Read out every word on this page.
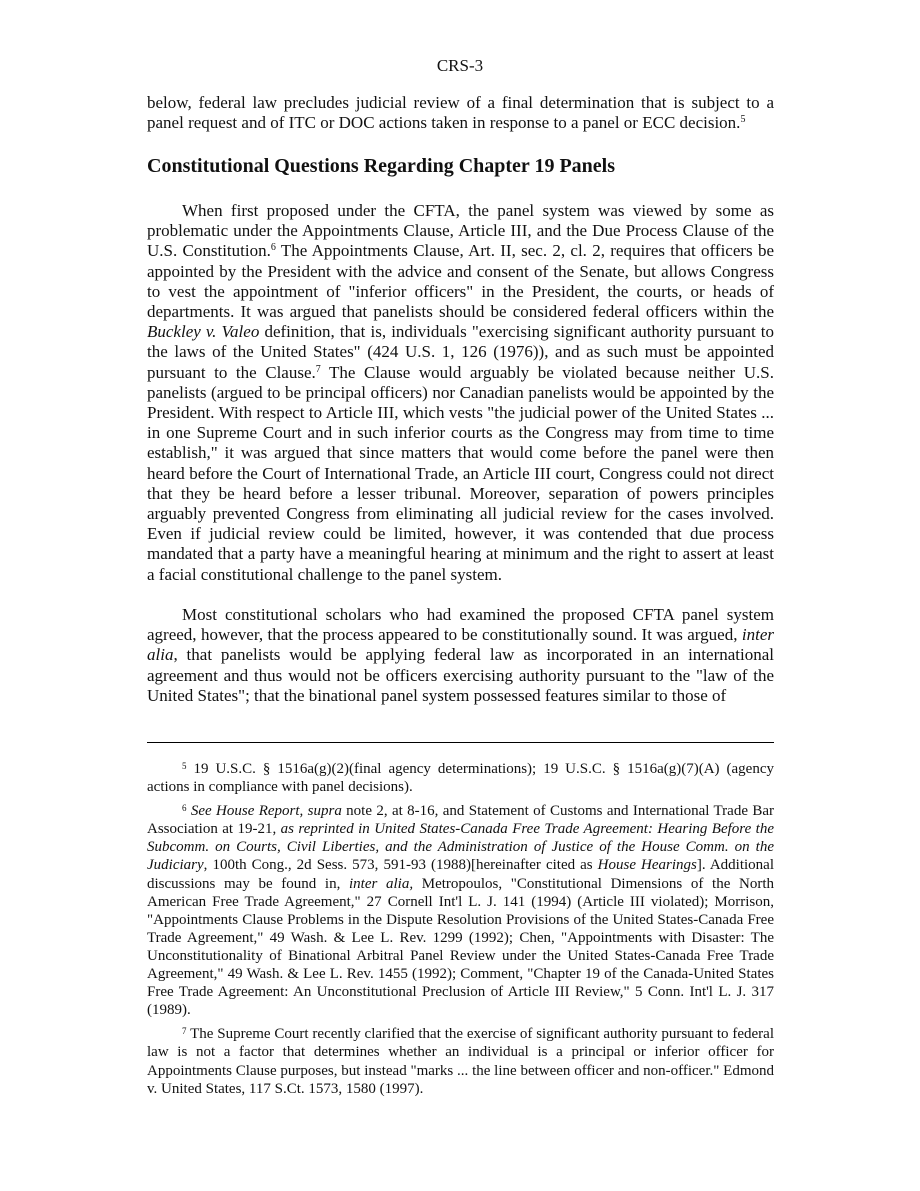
CRS-3

below, federal law precludes judicial review of a final determination that is subject to a panel request and of ITC or DOC actions taken in response to a panel or ECC decision.$^5$

Constitutional Questions Regarding Chapter 19 Panels

When first proposed under the CFTA, the panel system was viewed by some as problematic under the Appointments Clause, Article III, and the Due Process Clause of the U.S. Constitution.$^6$ The Appointments Clause, Art. II, sec. 2, cl. 2, requires that officers be appointed by the President with the advice and consent of the Senate, but allows Congress to vest the appointment of "inferior officers" in the President, the courts, or heads of departments. It was argued that panelists should be considered federal officers within the Buckley v. Valeo definition, that is, individuals "exercising significant authority pursuant to the laws of the United States" (424 U.S. 1, 126 (1976)), and as such must be appointed pursuant to the Clause.$^7$ The Clause would arguably be violated because neither U.S. panelists (argued to be principal officers) nor Canadian panelists would be appointed by the President. With respect to Article III, which vests "the judicial power of the United States ... in one Supreme Court and in such inferior courts as the Congress may from time to time establish," it was argued that since matters that would come before the panel were then heard before the Court of International Trade, an Article III court, Congress could not direct that they be heard before a lesser tribunal. Moreover, separation of powers principles arguably prevented Congress from eliminating all judicial review for the cases involved. Even if judicial review could be limited, however, it was contended that due process mandated that a party have a meaningful hearing at minimum and the right to assert at least a facial constitutional challenge to the panel system.

Most constitutional scholars who had examined the proposed CFTA panel system agreed, however, that the process appeared to be constitutionally sound. It was argued, inter alia, that panelists would be applying federal law as incorporated in an international agreement and thus would not be officers exercising authority pursuant to the "law of the United States"; that the binational panel system possessed features similar to those of

$^5$ 19 U.S.C. § 1516a(g)(2)(final agency determinations); 19 U.S.C. § 1516a(g)(7)(A) (agency actions in compliance with panel decisions).

$^6$ See House Report, supra note 2, at 8-16, and Statement of Customs and International Trade Bar Association at 19-21, as reprinted in United States-Canada Free Trade Agreement: Hearing Before the Subcomm. on Courts, Civil Liberties, and the Administration of Justice of the House Comm. on the Judiciary, 100th Cong., 2d Sess. 573, 591-93 (1988)[hereinafter cited as House Hearings]. Additional discussions may be found in, inter alia, Metropoulos, "Constitutional Dimensions of the North American Free Trade Agreement," 27 Cornell Int'l L. J. 141 (1994) (Article III violated); Morrison, "Appointments Clause Problems in the Dispute Resolution Provisions of the United States-Canada Free Trade Agreement," 49 Wash. & Lee L. Rev. 1299 (1992); Chen, "Appointments with Disaster: The Unconstitutionality of Binational Arbitral Panel Review under the United States-Canada Free Trade Agreement," 49 Wash. & Lee L. Rev. 1455 (1992); Comment, "Chapter 19 of the Canada-United States Free Trade Agreement: An Unconstitutional Preclusion of Article III Review," 5 Conn. Int'l L. J. 317 (1989).

$^7$ The Supreme Court recently clarified that the exercise of significant authority pursuant to federal law is not a factor that determines whether an individual is a principal or inferior officer for Appointments Clause purposes, but instead "marks ... the line between officer and non-officer." Edmond v. United States, 117 S.Ct. 1573, 1580 (1997).
